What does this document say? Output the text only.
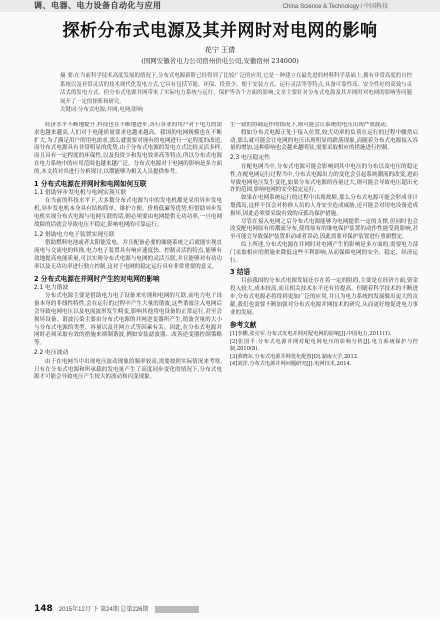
调、电器、电力设备自动化与应用	China Science & Technology / 中国科技
探析分布式电源及其并网时对电网的影响
花宁 王倩
(国网安徽省电力公司宿州供电公司,安徽宿州 234000)
摘 要:在当前科学技术高度发展的情况下,分布式电源新阶已经得到了比较广泛的应用,它是一种建立在最先进的材料科学基础上,拥有非常高度的自控系统以及非常灵活的技术现代化发电方式,它具有包括节能、环保、投资少、便于安装方式、运行灵活等等特点,具备可靠性高、安全性好的高效与灵活式的发电方式。但分布式电源并网带来了实际电力系统与运行、保护等各个方面的影响,文章主要针对分布式电源及其并网时对电网的影响等问题展开了一定的探析和研究。
关键词:分布式电源;并网;电网;影响

经济水平不断地提升,科技也在不断地进步,各行各业的用户对于电力的需求也越来越高,人们对于电能质量要求也越来越高。我国的电网规模也在不断扩大,为了满足用户的用电需求,那么就需要对现有的电网进行一定程度的改造,而分布式电源具有非常明显的优势,由于分布式电源的发电方式比较灵活多样,而且具有一定程度的环保性,以及投资少和发电效率高等特点,所以分布式电源在电力系统中的应用范围也越来越广泛。分布式电源对于电网的影响是多方面的,本文将对其进行分析探讨,以期能够为相关人员提供参考。

1 分布式电源在并网时和电网如何互联
1.1 借助异步发电机与电网实现互联

在当前的科技水平下,大多数分布式电源当中的发电机都是采用异步发电机,异步发电机本身具有结构简单、维护方便、价格低廉等优势,但借助异步发电机实现分布式电源与电网互联的话,则必须要由电网提供无功功率,一旦电网故障的话就会导致电压不稳定,影响电网的可靠运行。

1.2 借助电力电子装置实现互联

借助燃料电池或者太阳能发电、并且配备必要的储能系统之后就能实现直流电与交流电的转换,电力电子装置具有响应速度快、控制灵活的特点,能够有效地提高电能质量,可以实现分布式电源与电网的灵活互联,并且能够对有功功率以及无功功率进行独立控制,这对于电网的稳定运行具有非常重要的意义。

2 分布式电源在并网时产生的对电网的影响
2.1 电力谐波

分布式电源主要是借助电力电子设备来实现和电网的互联,而电力电子设备本身的非线性特性,会在运行的过程中产生大量的谐波,这些谐波注入电网后会导致电网电压以及电流波形发生畸变,影响其他用电设备的正常运行,甚至会损坏设备。谐波污染主要由分布式电源的并网逆变器所产生,谐波含量的大小与分布式电源的类型、容量以及并网方式等因素有关。因此,在分布式电源并网时必须采取有效的措施来抑制谐波,例如安装滤波器、改善逆变器控制策略等。

2.2 电压波动

由于在电网当中出现电压波动现象的频率较高,需要按照实际情况来考察,只有在分布式电源和所承载的发电量产生了高度同步变化的情况下,分布式电源才可能会导致电压产生较大的波动和闪变现象。

生一致的协调运作的情况下,则可能会让系统的电压出现严重波动。

假如分布式电源正处于接入位置,较大功率的负荷在运行的过程中骤然启动,那么就可能会让电网的电压出现明显的跌落现象,而随着分布式电源接入容量的增加,这种影响也会越来越明显,需要采取相应的措施进行控制。

2.3 电压稳定性

在配电网当中,分布式电源可能会影响到其中电压的分布以及电压的稳定性,在配电网运行过程当中,分布式电源出力的变化会引起系统潮流的改变,进而导致电网电压发生变化,如果分布式电源的容量过大,则可能会导致电压超出允许的范围,影响电网的安全稳定运行。

如果在电网系统运行的过程中出现故障,那么分布式电源可能会形成非计划孤岛,这样不仅会对检修人员的人身安全造成威胁,还可能会对用电设备造成损坏,因此必须要采取有效的反孤岛保护措施。

尽管在接入电网之后分布式电源能够为电网提供一定的支撑,但同时也会改变配电网原有的潮流分布,使得原有的继电保护装置的动作性能受到影响,甚至可能会导致保护装置拒动或者误动,因此需要对保护装置进行重新整定。

综上所述,分布式电源在并网时对电网产生的影响是多方面的,需要电力部门采取相应的措施来降低这些不利影响,从而保障电网的安全、稳定、经济运行。

3 结语

目前我国的分布式电源发展还存在着一定的阻碍,主要是在经济方面,资金投入较大,成本较高,而且相关技术水平还有待提高。但随着科学技术的不断进步,分布式电源必将得到更加广泛的应用,并且为电力系统的发展做出更大的贡献,我们也需要不断加强对分布式电源并网技术的研究,从而更好地促进电力事业的发展。

参考文献

[1]李鹏,张亮军.分布式发电并网对配电网的影响[J].中国电力,2011(1).

[2]张国平.分布式电源并网对配电网电压的影响分析[J].电力系统保护与控制,2010(8).

[3]黄晓东.分布式电源并网优化配置[D].湖南大学,2012.

[4]刘洋.分布式电源并网问题研究[J].电网技术,2014.

148 2015年12月 下 第24期 总第226期
